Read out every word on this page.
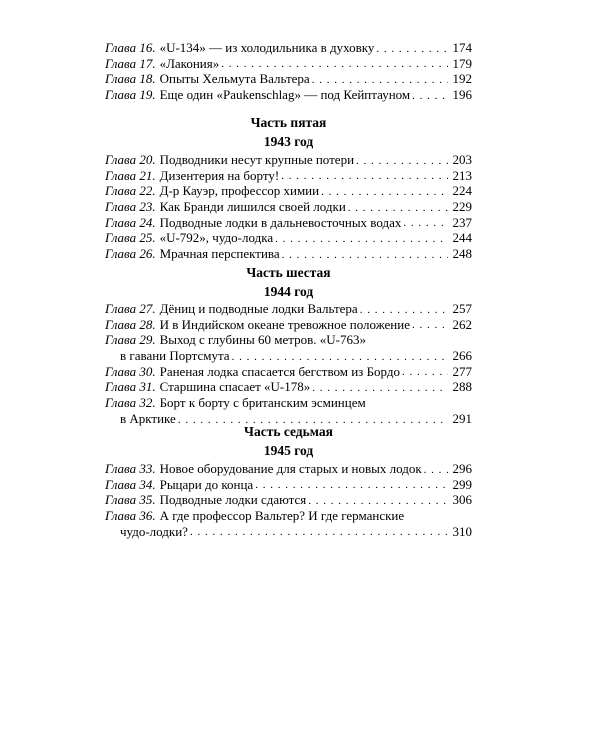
Глава 16. «U-134» — из холодильника в духовку . . .	174
Глава 17. «Лакония» . . .	179
Глава 18. Опыты Хельмута Вальтера . . .	192
Глава 19. Еще один «Paukenschlag» — под Кейптауном . . .	196
Часть пятая
1943 год
Глава 20. Подводники несут крупные потери . . .	203
Глава 21. Дизентерия на борту! . . .	213
Глава 22. Д-р Кауэр, профессор химии . . .	224
Глава 23. Как Бранди лишился своей лодки . . .	229
Глава 24. Подводные лодки в дальневосточных водах . . .	237
Глава 25. «U-792», чудо-лодка . . .	244
Глава 26. Мрачная перспектива . . .	248
Часть шестая
1944 год
Глава 27. Дёниц и подводные лодки Вальтера . . .	257
Глава 28. И в Индийском океане тревожное положение . . .	262
Глава 29. Выход с глубины 60 метров. «U-763»
в гавани Портсмута . . .	266
Глава 30. Раненая лодка спасается бегством из Бордо . . .	277
Глава 31. Старшина спасает «U-178» . . .	288
Глава 32. Борт к борту с британским эсминцем
в Арктике . . .	291
Часть седьмая
1945 год
Глава 33. Новое оборудование для старых и новых лодок . . . 296
Глава 34. Рыцари до конца . . .	299
Глава 35. Подводные лодки сдаются . . .	306
Глава 36. А где профессор Вальтер? И где германские
чудо-лодки? . . .	310
